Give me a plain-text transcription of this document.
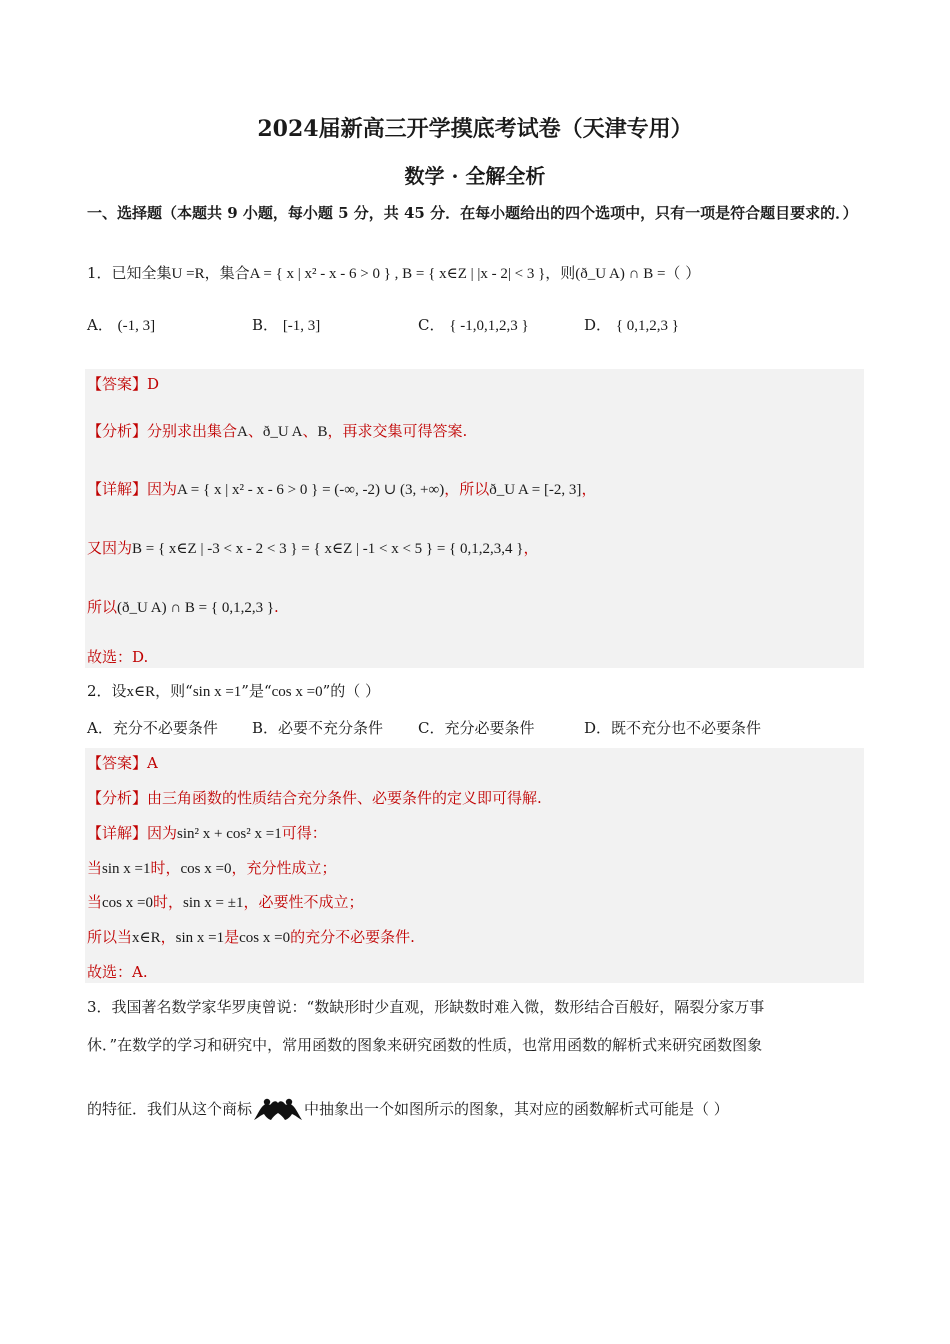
2024届新高三开学摸底考试卷（天津专用）
数学 · 全解全析
一、选择题（本题共 9 小题，每小题 5 分，共 45 分．在每小题给出的四个选项中，只有一项是符合题目要求的．）
1．已知全集U =R，集合A = { x | x² - x - 6 > 0 } , B = { x∈Z | |x - 2| < 3 }，则(ð_U A) ∩ B =（ ）
A． (-1, 3]	B． [-1, 3]	C． { -1,0,1,2,3 }	D． { 0,1,2,3 }
【答案】D
【分析】分别求出集合A、ð_U A、B，再求交集可得答案.
【详解】因为A = { x | x² - x - 6 > 0 } = (-∞, -2) ∪ (3, +∞)，所以ð_U A = [-2, 3]，
又因为B = { x∈Z | -3 < x - 2 < 3 } = { x∈Z | -1 < x < 5 } = { 0,1,2,3,4 }，
所以(ð_U A) ∩ B = { 0,1,2,3 }.
故选：D.
2．设x∈R，则“sin x =1”是“cos x =0”的（ ）
A．充分不必要条件 B．必要不充分条件 C．充分必要条件	D．既不充分也不必要条件
【答案】A
【分析】由三角函数的性质结合充分条件、必要条件的定义即可得解.
【详解】因为sin² x + cos² x =1可得：
当sin x =1时，cos x =0，充分性成立；
当cos x =0时，sin x = ±1，必要性不成立；
所以当x∈R，sin x =1是cos x =0的充分不必要条件.
故选：A.
3．我国著名数学家华罗庚曾说：“数缺形时少直观，形缺数时难入微，数形结合百般好，隔裂分家万事
休．”在数学的学习和研究中，常用函数的图象来研究函数的性质，也常用函数的解析式来研究函数图象
的特征．我们从这个商标	中抽象出一个如图所示的图象，其对应的函数解析式可能是（ ）
